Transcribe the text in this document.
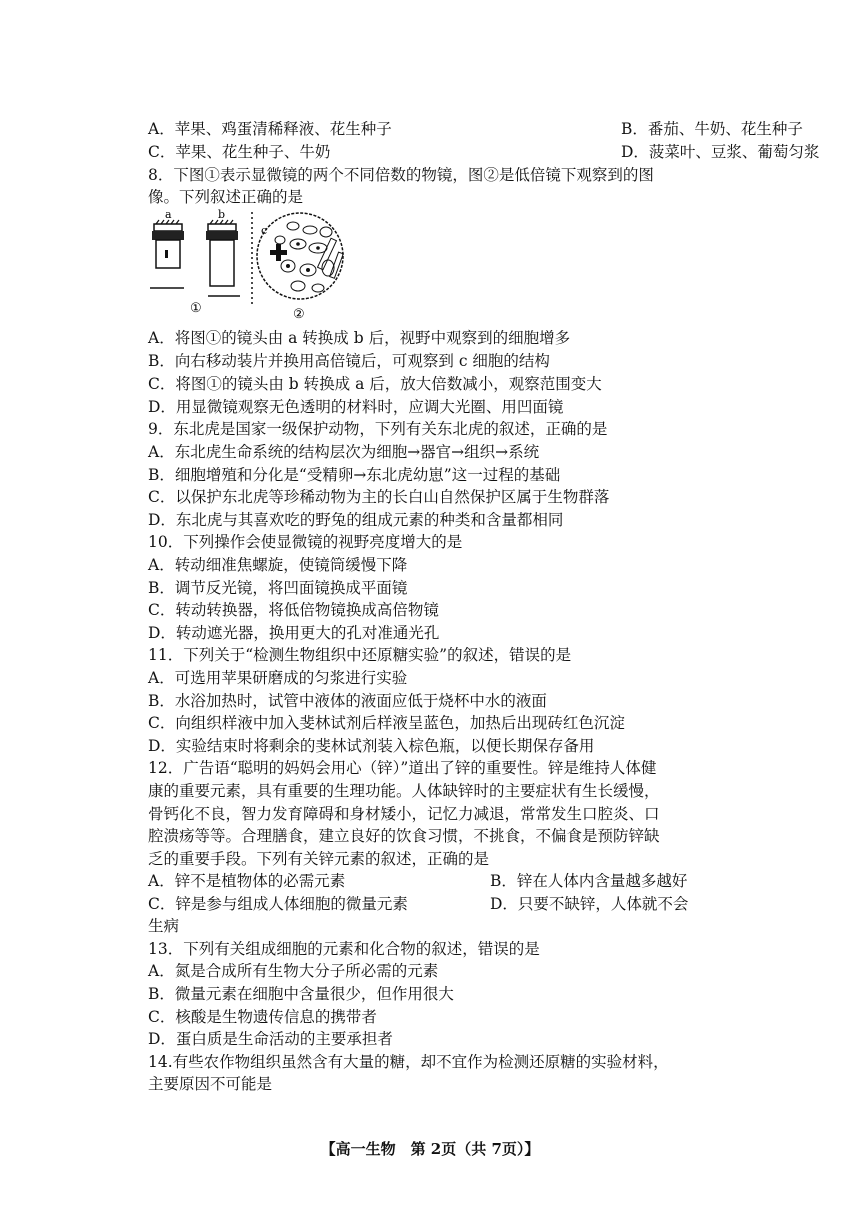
A．苹果、鸡蛋清稀释液、花生种子	B．番茄、牛奶、花生种子
C．苹果、花生种子、牛奶	D．菠菜叶、豆浆、葡萄匀浆
8．下图①表示显微镜的两个不同倍数的物镜，图②是低倍镜下观察到的图
像。下列叙述正确的是
a	b
①
c
②
A．将图①的镜头由 a 转换成 b 后，视野中观察到的细胞增多
B．向右移动装片并换用高倍镜后，可观察到 c 细胞的结构
C．将图①的镜头由 b 转换成 a 后，放大倍数减小，观察范围变大
D．用显微镜观察无色透明的材料时，应调大光圈、用凹面镜
9．东北虎是国家一级保护动物，下列有关东北虎的叙述，正确的是
A．东北虎生命系统的结构层次为细胞→器官→组织→系统
B．细胞增殖和分化是“受精卵→东北虎幼崽”这一过程的基础
C．以保护东北虎等珍稀动物为主的长白山自然保护区属于生物群落
D．东北虎与其喜欢吃的野兔的组成元素的种类和含量都相同
10．下列操作会使显微镜的视野亮度增大的是
A．转动细准焦螺旋，使镜筒缓慢下降
B．调节反光镜，将凹面镜换成平面镜
C．转动转换器，将低倍物镜换成高倍物镜
D．转动遮光器，换用更大的孔对准通光孔
11．下列关于“检测生物组织中还原糖实验”的叙述，错误的是
A．可选用苹果研磨成的匀浆进行实验
B．水浴加热时，试管中液体的液面应低于烧杯中水的液面
C．向组织样液中加入斐林试剂后样液呈蓝色，加热后出现砖红色沉淀
D．实验结束时将剩余的斐林试剂装入棕色瓶，以便长期保存备用
12．广告语“聪明的妈妈会用心（锌）”道出了锌的重要性。锌是维持人体健
康的重要元素，具有重要的生理功能。人体缺锌时的主要症状有生长缓慢，
骨钙化不良，智力发育障碍和身材矮小，记忆力减退，常常发生口腔炎、口
腔溃疡等等。合理膳食，建立良好的饮食习惯，不挑食，不偏食是预防锌缺
乏的重要手段。下列有关锌元素的叙述，正确的是
A．锌不是植物体的必需元素	B．锌在人体内含量越多越好
C．锌是参与组成人体细胞的微量元素	D．只要不缺锌，人体就不会
生病
13．下列有关组成细胞的元素和化合物的叙述，错误的是
A．氮是合成所有生物大分子所必需的元素
B．微量元素在细胞中含量很少，但作用很大
C．核酸是生物遗传信息的携带者
D．蛋白质是生命活动的主要承担者
14.有些农作物组织虽然含有大量的糖，却不宜作为检测还原糖的实验材料，
主要原因不可能是
【高一生物　第 2页（共 7页）】
